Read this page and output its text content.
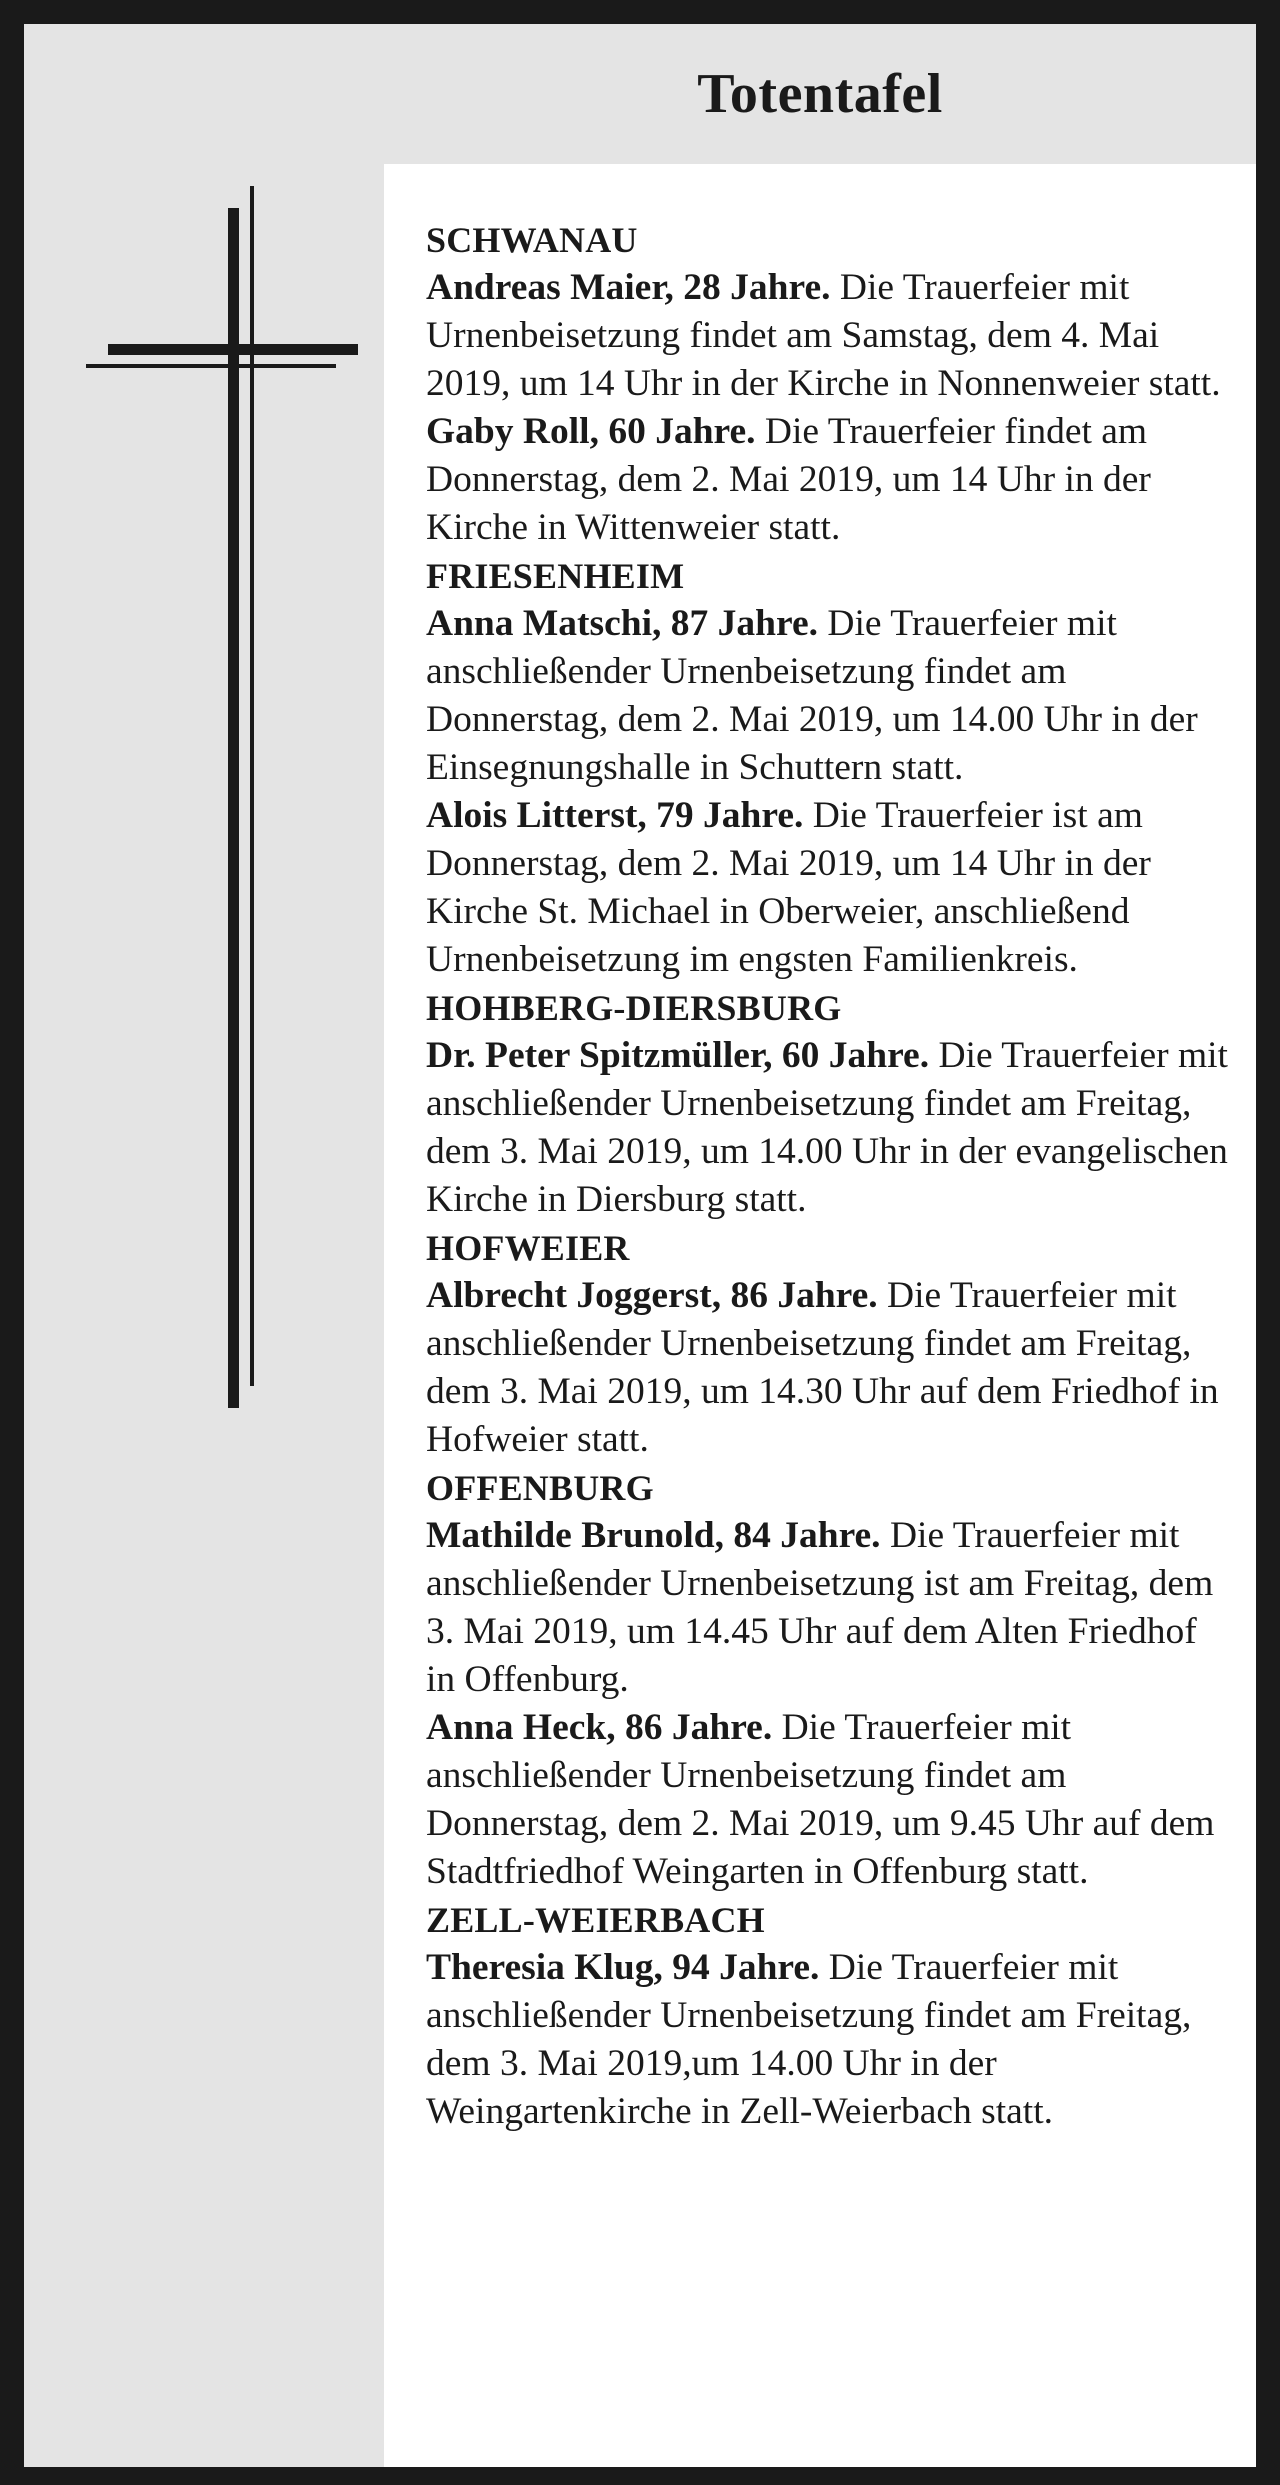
Totentafel
SCHWANAU

Andreas Maier, 28 Jahre. Die Trauerfeier mit Urnenbeisetzung findet am Samstag, dem 4. Mai 2019, um 14 Uhr in der Kirche in Nonnenweier statt.

Gaby Roll, 60 Jahre. Die Trauerfeier findet am Donnerstag, dem 2. Mai 2019, um 14 Uhr in der Kirche in Wittenweier statt.

FRIESENHEIM

Anna Matschi, 87 Jahre. Die Trauerfeier mit anschließender Urnenbeisetzung findet am Donnerstag, dem 2. Mai 2019, um 14.00 Uhr in der Einsegnungshalle in Schuttern statt.

Alois Litterst, 79 Jahre. Die Trauerfeier ist am Donnerstag, dem 2. Mai 2019, um 14 Uhr in der Kirche St. Michael in Oberweier, anschließend Urnenbeisetzung im engsten Familienkreis.

HOHBERG-DIERSBURG

Dr. Peter Spitzmüller, 60 Jahre. Die Trauerfeier mit anschließender Urnenbeisetzung findet am Freitag, dem 3. Mai 2019, um 14.00 Uhr in der evangelischen Kirche in Diersburg statt.

HOFWEIER

Albrecht Joggerst, 86 Jahre. Die Trauerfeier mit anschließender Urnenbeisetzung findet am Freitag, dem 3. Mai 2019, um 14.30 Uhr auf dem Friedhof in Hofweier statt.

OFFENBURG

Mathilde Brunold, 84 Jahre. Die Trauerfeier mit anschließender Urnenbeisetzung ist am Freitag, dem 3. Mai 2019, um 14.45 Uhr auf dem Alten Friedhof in Offenburg.

Anna Heck, 86 Jahre. Die Trauerfeier mit anschließender Urnenbeisetzung findet am Donnerstag, dem 2. Mai 2019, um 9.45 Uhr auf dem Stadtfriedhof Weingarten in Offenburg statt.

ZELL-WEIERBACH

Theresia Klug, 94 Jahre. Die Trauerfeier mit anschließender Urnenbeisetzung findet am Freitag, dem 3. Mai 2019,um 14.00 Uhr in der Weingartenkirche in Zell-Weierbach statt.
